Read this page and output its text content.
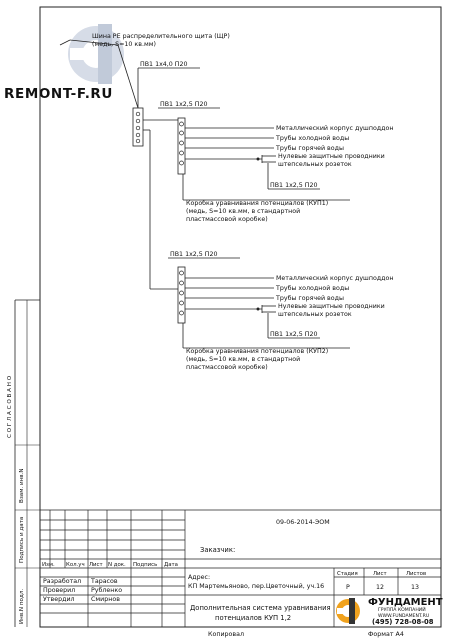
REMONT-F.RU
С О Г Л А С О В А Н О
Взам. инв.N
Подпись и дата
Инв.N подл.
Шина PE распределительного щита (ЩР)
(медь, S=10 кв.мм)
ПВ1 1х4,0 П20
ПВ1 1х2,5 П20
Металлический корпус душподдон
Трубы холодной воды
Трубы горячей воды
Нулевые защитные проводники
штепсельных розеток
ПВ1 1х2,5 П20
Коробка уравнивания потенциалов (КУП1)
(медь, S=10 кв.мм, в стандартной
пластмассовой коробке)
ПВ1 1х2,5 П20
Металлический корпус душподдон
Трубы холодной воды
Трубы горячей воды
Нулевые защитные проводники
штепсельных розеток
ПВ1 1х2,5 П20
Коробка уравнивания потенциалов (КУП2)
(медь, S=10 кв.мм, в стандартной
пластмассовой коробке)
09-06-2014-ЭОМ
Заказчик:
Изм. Кол.уч Лист N док. Подпись Дата
Разработал Тарасов
Проверил Рубленко
Утвердил	Смирнов
Адрес:
КП Мартемьяново, пер.Цветочный, уч.16
Стадия	Лист	Листов
Р	12	13
Дополнительная система уравнивания
потенциалов КУП 1,2
Копировал	Формат А4
ФУНДАМЕНТ
ГРУППА КОМПАНИЙ
WWW.FUNDAMENT.RU
(495) 728-08-08
